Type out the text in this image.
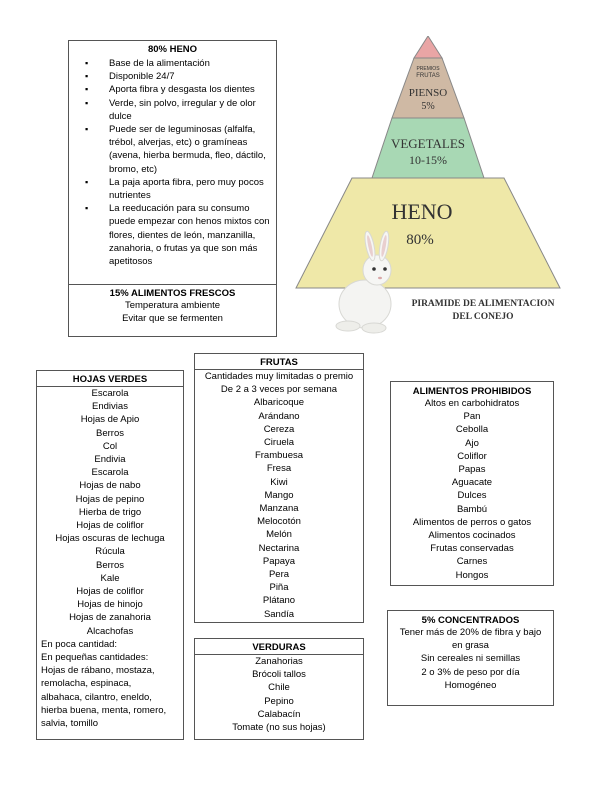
80% HENO
▪ Base de la alimentación
▪ Disponible 24/7
▪ Aporta fibra y desgasta los dientes
▪ Verde, sin polvo, irregular y de olor dulce
▪ Puede ser de leguminosas (alfalfa, trébol, alverjas, etc) o gramíneas (avena, hierba bermuda, fleo, dáctilo, bromo, etc)
▪ La paja aporta fibra, pero muy pocos nutrientes
▪ La reeducación para su consumo puede empezar con henos mixtos con flores, dientes de león, manzanilla, zanahoria, o frutas ya que son más apetitosos
15% ALIMENTOS FRESCOS
Temperatura ambiente
Evitar que se fermenten
PREMIOS
FRUTAS
PIENSO
5%
VEGETALES
10-15%
HENO
80%
PIRAMIDE DE ALIMENTACION
DEL CONEJO
HOJAS VERDES
Escarola
Endivias
Hojas de Apio
Berros
Col
Endivia
Escarola
Hojas de nabo
Hojas de pepino
Hierba de trigo
Hojas de coliflor
Hojas oscuras de lechuga
Rúcula
Berros
Kale
Hojas de coliflor
Hojas de hinojo
Hojas de zanahoria
Alcachofas
En poca cantidad:
En pequeñas cantidades:
Hojas de rábano, mostaza,
remolacha, espinaca,
albahaca, cilantro, eneldo,
hierba buena, menta, romero,
salvia, tomillo
FRUTAS
Cantidades muy limitadas o premio
De 2 a 3 veces por semana
Albaricoque
Arándano
Cereza
Ciruela
Frambuesa
Fresa
Kiwi
Mango
Manzana
Melocotón
Melón
Nectarina
Papaya
Pera
Piña
Plátano
Sandía
VERDURAS
Zanahorias
Brócoli tallos
Chile
Pepino
Calabacín
Tomate (no sus hojas)
ALIMENTOS PROHIBIDOS
Altos en carbohidratos
Pan
Cebolla
Ajo
Coliflor
Papas
Aguacate
Dulces
Bambú
Alimentos de perros o gatos
Alimentos cocinados
Frutas conservadas
Carnes
Hongos
5% CONCENTRADOS
Tener más de 20% de fibra y bajo
en grasa
Sin cereales ni semillas
2 o 3% de peso por día
Homogéneo
